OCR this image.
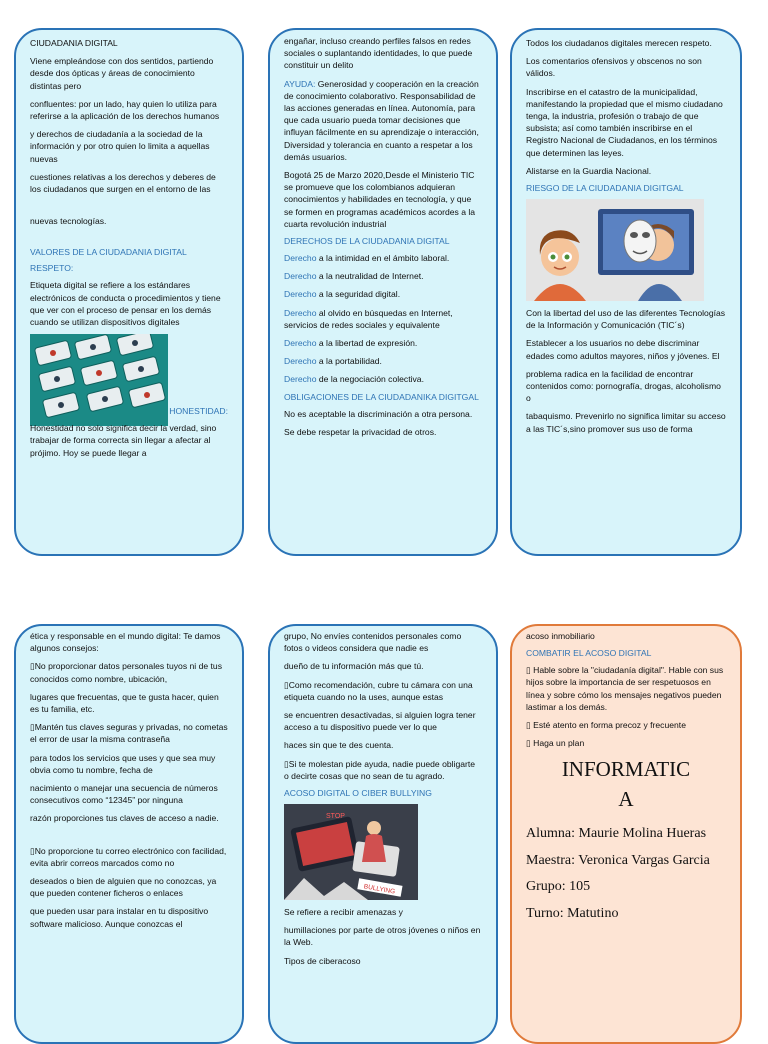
CIUDADANIA DIGITAL

Viene empleándose con dos sentidos, partiendo desde dos ópticas y áreas de conocimiento distintas pero

confluentes: por un lado, hay quien lo utiliza para referirse a la aplicación de los derechos humanos

y derechos de ciudadanía a la sociedad de la información y por otro quien lo limita a aquellas nuevas

cuestiones relativas a los derechos y deberes de los ciudadanos que surgen en el entorno de las

nuevas tecnologías.

VALORES DE LA CIUDADANIA DIGITAL

RESPETO:

Etiqueta digital se refiere a los estándares electrónicos de conducta o procedimientos y tiene que ver con el proceso de pensar en los demás cuando se utilizan dispositivos digitales

HONESTIDAD:

Honestidad no solo significa decir la verdad, sino trabajar de forma correcta sin llegar a afectar al prójimo. Hoy se puede llegar a

engañar, incluso creando perfiles falsos en redes sociales o suplantando identidades, lo que puede constituir un delito

AYUDA: Generosidad y cooperación en la creación de conocimiento colaborativo. Responsabilidad de las acciones generadas en línea. Autonomía, para que cada usuario pueda tomar decisiones que influyan fácilmente en su aprendizaje o interacción, Diversidad y tolerancia en cuanto a respetar a los demás usuarios.

Bogotá 25 de Marzo 2020,Desde el Ministerio TIC se promueve que los colombianos adquieran conocimientos y habilidades en tecnología, y que se formen en programas académicos acordes a la cuarta revolución industrial

DERECHOS DE LA CIUDADANIA DIGITAL

Derecho a la intimidad en el ámbito laboral.

Derecho a la neutralidad de Internet.

Derecho a la seguridad digital.

Derecho al olvido en búsquedas en Internet, servicios de redes sociales y equivalente

Derecho a la libertad de expresión.

Derecho a la portabilidad.

Derecho de la negociación colectiva.

OBLIGACIONES DE LA CIUDADANIKA DIGITGAL

No es aceptable la discriminación a otra persona.

Se debe respetar la privacidad de otros.

Todos los ciudadanos digitales merecen respeto.

Los comentarios ofensivos y obscenos no son válidos.

Inscribirse en el catastro de la municipalidad, manifestando la propiedad que el mismo ciudadano tenga, la industria, profesión o trabajo de que subsista; así como también inscribirse en el Registro Nacional de Ciudadanos, en los términos que determinen las leyes.

Alistarse en la Guardia Nacional.

RIESGO DE LA CIUDADANIA DIGITGAL

Con la libertad del uso de las diferentes Tecnologías de la Información y Comunicación (TIC´s)

Establecer a los usuarios no debe discriminar edades como adultos mayores, niños y jóvenes. El

problema radica en la facilidad de encontrar contenidos como: pornografía, drogas, alcoholismo o

tabaquismo. Prevenirlo no significa limitar su acceso a las TIC´s,sino promover sus uso de forma

ética y responsable en el mundo digital: Te damos algunos consejos:

▯No proporcionar datos personales tuyos ni de tus conocidos como nombre, ubicación,

lugares que frecuentas, que te gusta hacer, quien es tu familia, etc.

▯Mantén tus claves seguras y privadas, no cometas el error de usar la misma contraseña

para todos los servicios que uses y que sea muy obvia como tu nombre, fecha de

nacimiento o manejar una secuencia de números consecutivos como “12345” por ninguna

razón proporciones tus claves de acceso a nadie.

▯No proporcione tu correo electrónico con facilidad, evita abrir correos marcados como no

deseados o bien de alguien que no conozcas, ya que pueden contener ficheros o enlaces

que pueden usar para instalar en tu dispositivo software malicioso. Aunque conozcas el

grupo, No envíes contenidos personales como fotos o videos considera que nadie es

dueño de tu información más que tú.

▯Como recomendación, cubre tu cámara con una etiqueta cuando no la uses, aunque estas

se encuentren desactivadas, si alguien logra tener acceso a tu dispositivo puede ver lo que

haces sin que te des cuenta.

▯Si te molestan pide ayuda, nadie puede obligarte o decirte cosas que no sean de tu agrado.

ACOSO DIGITAL O CIBER BULLYING

STOP
BULLYING

Se refiere a recibir amenazas y

humillaciones por parte de otros jóvenes o niños en la Web.

Tipos de ciberacoso

acoso inmobiliario

COMBATIR EL ACOSO DIGITAL

▯ Hable sobre la "ciudadanía digital". Hable con sus hijos sobre la importancia de ser respetuosos en línea y sobre cómo los mensajes negativos pueden lastimar a los demás.

▯ Esté atento en forma precoz y frecuente

▯ Haga un plan

INFORMATIC
A

Alumna: Maurie Molina Hueras

Maestra: Veronica Vargas Garcia

Grupo: 105

Turno: Matutino
